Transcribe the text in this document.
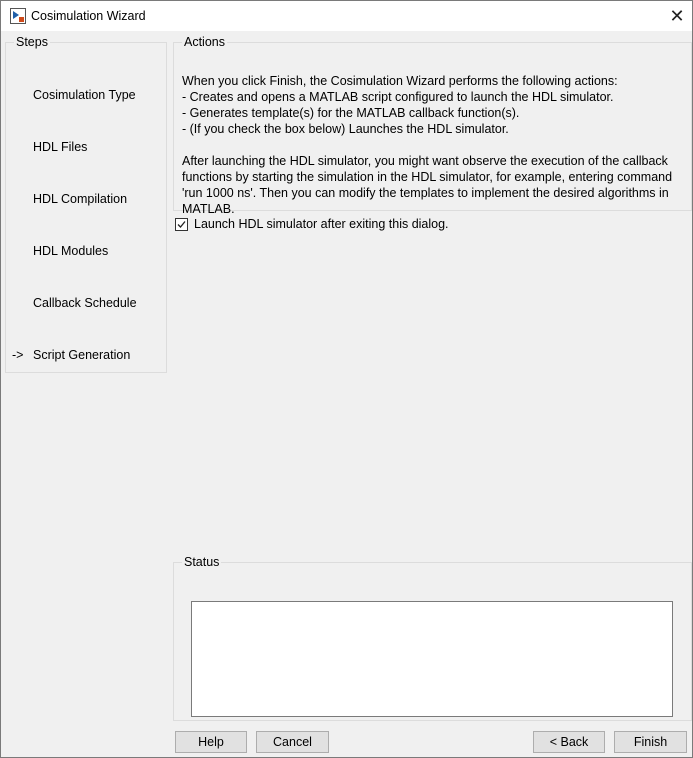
Cosimulation Wizard	✕
Steps
Cosimulation Type
HDL Files
HDL Compilation
HDL Modules
Callback Schedule
-> Script Generation
Actions

When you click Finish, the Cosimulation Wizard performs the following actions:

- Creates and opens a MATLAB script configured to launch the HDL simulator.

- Generates template(s) for the MATLAB callback function(s).

- (If you check the box below) Launches the HDL simulator.

After launching the HDL simulator, you might want observe the execution of the callback functions by starting the simulation in the HDL simulator, for example, entering command 'run 1000 ns'. Then you can modify the templates to implement the desired algorithms in MATLAB.

Launch HDL simulator after exiting this dialog.
Status
Help	Cancel	< Back	Finish
